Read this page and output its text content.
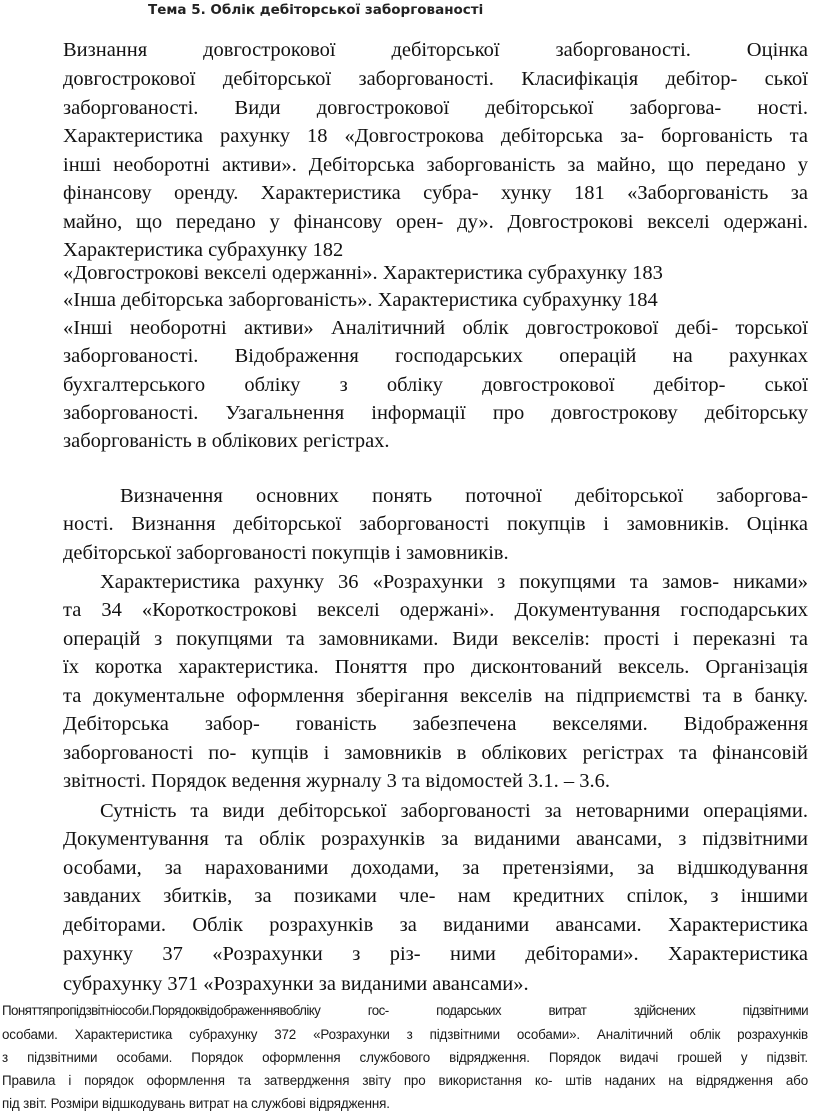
Тема 5. Облік дебіторської заборгованості
Визнання довгострокової дебіторської заборгованості. Оцінка
довгострокової дебіторської заборгованості. Класифікація дебітор- ської
заборгованості. Види довгострокової дебіторської заборгова- ності.
Характеристика рахунку 18 «Довгострокова дебіторська за- боргованість та
інші необоротні активи». Дебіторська заборгованість за майно, що передано у
фінансову оренду. Характеристика субра- хунку 181 «Заборгованість за
майно, що передано у фінансову орен- ду». Довгострокові векселі одержані.
Характеристика субрахунку 182
«Довгострокові векселі одержанні». Характеристика субрахунку 183
«Інша дебіторська заборгованість». Характеристика субрахунку 184
«Інші необоротні активи» Аналітичний облік довгострокової дебі- торської
заборгованості. Відображення господарських операцій на рахунках
бухгалтерського обліку з обліку довгострокової дебітор- ської
заборгованості. Узагальнення інформації про довгострокову дебіторську
заборгованість в облікових регістрах.
Визначення основних понять поточної дебіторської заборгова-
ності. Визнання дебіторської заборгованості покупців і замовників. Оцінка
дебіторської заборгованості покупців і замовників.
Характеристика рахунку 36 «Розрахунки з покупцями та замов- никами»
та 34 «Короткострокові векселі одержані». Документування господарських
операцій з покупцями та замовниками. Види векселів: прості і переказні та
їх коротка характеристика. Поняття про дисконтований вексель. Організація
та документальне оформлення зберігання векселів на підприємстві та в банку.
Дебіторська забор- гованість забезпечена векселями. Відображення
заборгованості по- купців і замовників в облікових регістрах та фінансовій
звітності. Порядок ведення журналу 3 та відомостей 3.1. – 3.6.
Сутність та види дебіторської заборгованості за нетоварними операціями.
Документування та облік розрахунків за виданими авансами, з підзвітними
особами, за нарахованими доходами, за претензіями, за відшкодування
завданих збитків, за позиками чле- нам кредитних спілок, з іншими
дебіторами. Облік розрахунків за виданими авансами. Характеристика
рахунку 37 «Розрахунки з різ- ними дебіторами». Характеристика
субрахунку 371 «Розрахунки за виданими авансами».
Поняттяпропідзвітніособи.Порядоквідображеннявобліку гос- подарських витрат здійснених підзвітними
особами. Характеристика субрахунку 372 «Розрахунки з підзвітними особами». Аналітичний облік розрахунків
з підзвітними особами. Порядок оформлення службового відрядження. Порядок видачі грошей у підзвіт.
Правила і порядок оформлення та затвердження звіту про використання ко- штів наданих на відрядження або
під звіт. Розміри відшкодувань витрат на службові відрядження.
